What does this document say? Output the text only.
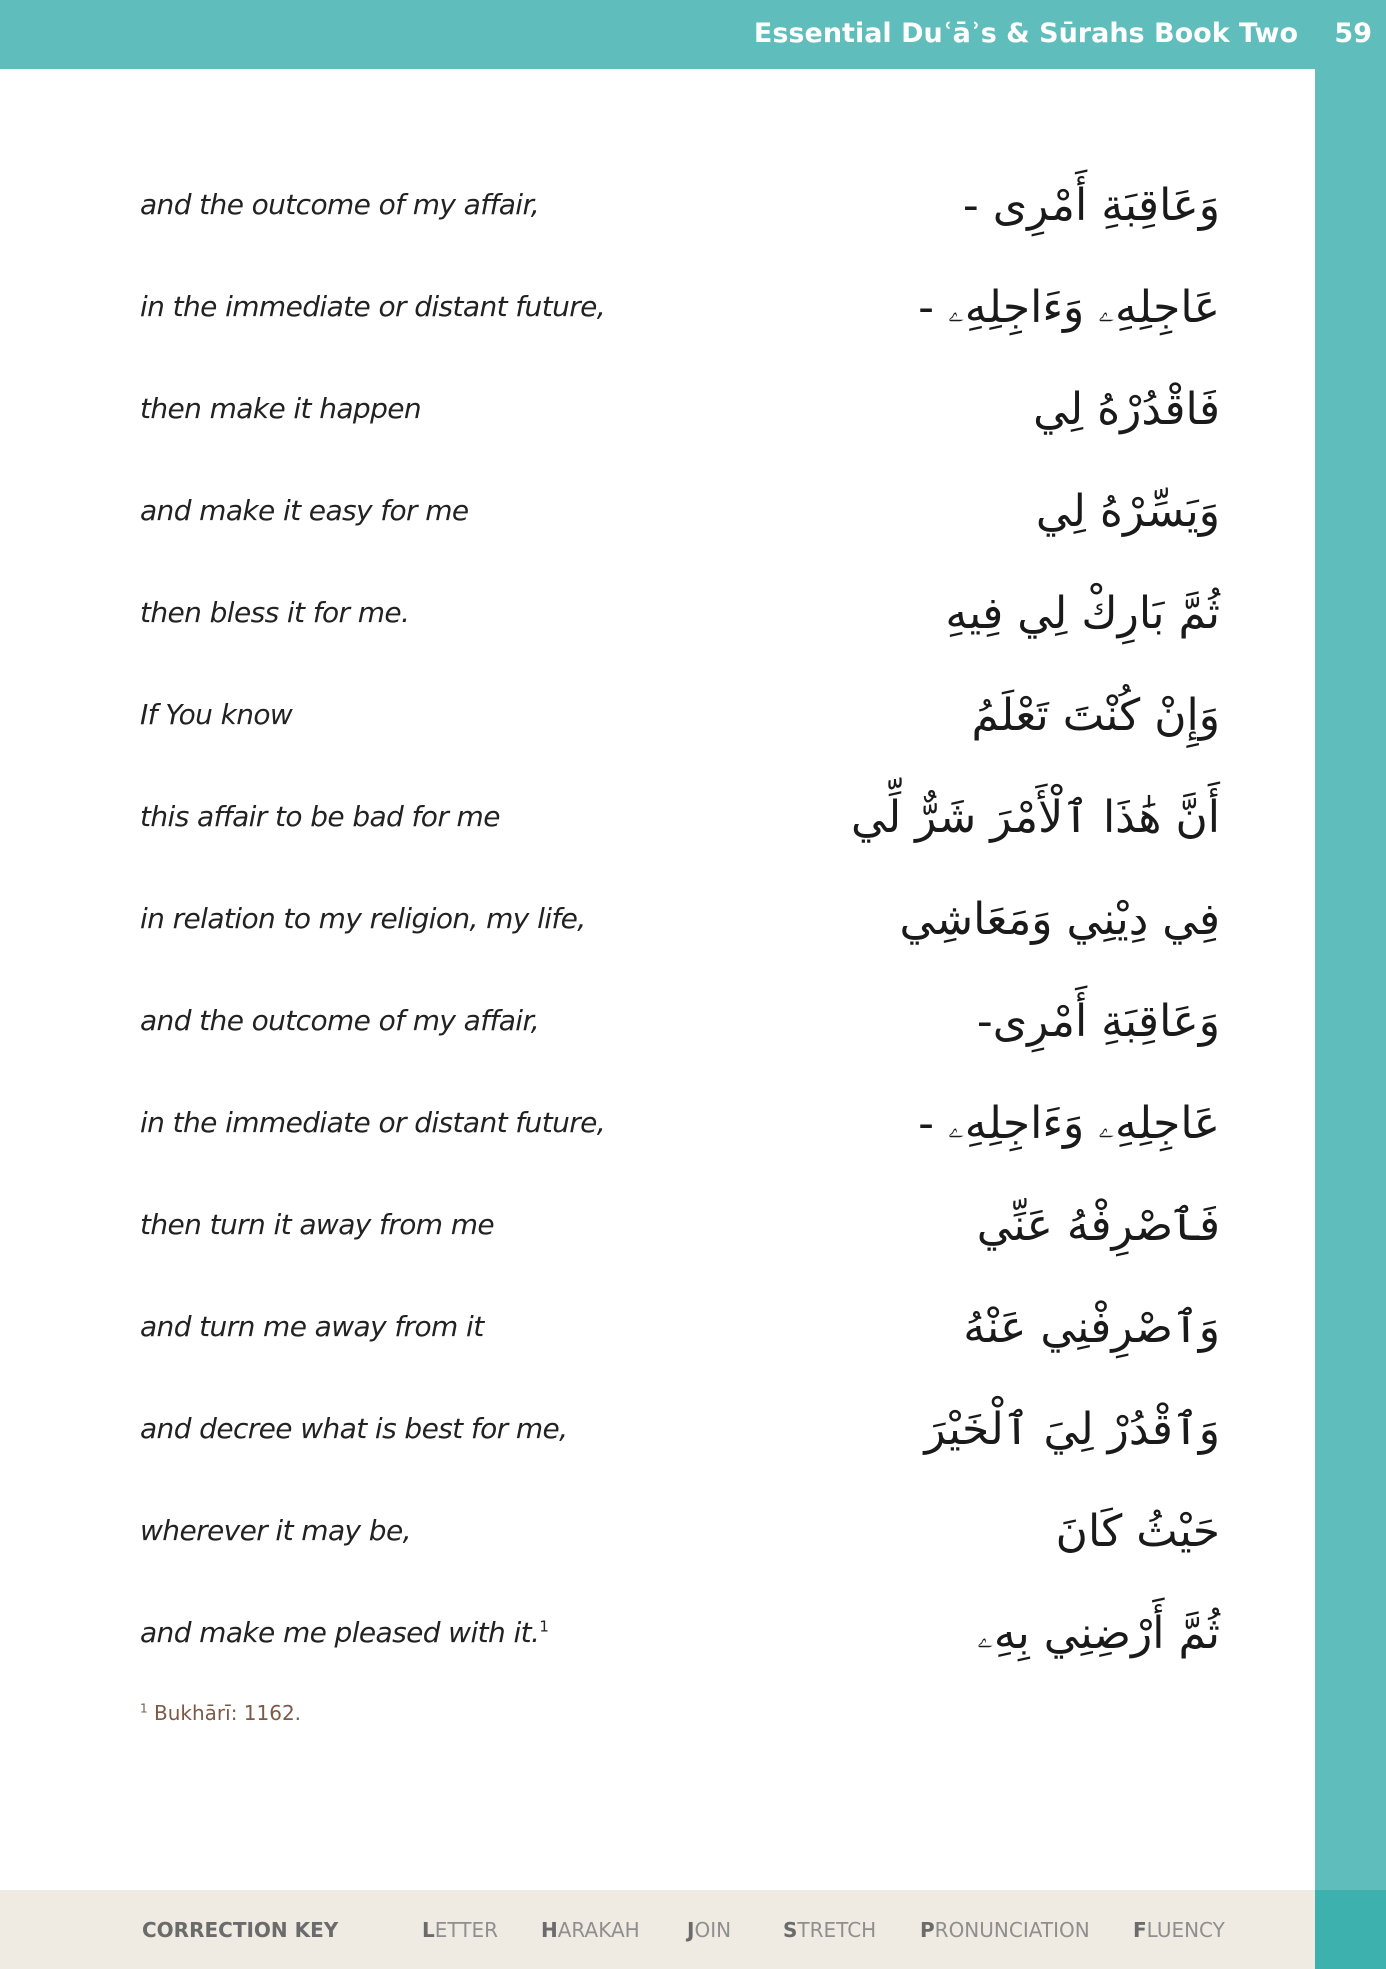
Essential Duʿāʾs & Sūrahs Book Two 59
and the outcome of my affair,	وَعَاقِبَةِ أَمْرِى -
in the immediate or distant future,	عَاجِلِهِۦ وَءَاجِلِهِۦ -
then make it happen	فَاقْدُرْهُ لِي
and make it easy for me	وَيَسِّرْهُ لِي
then bless it for me.	ثُمَّ بَارِكْ لِي فِيهِ
If You know	وَإِنْ كُنْتَ تَعْلَمُ
this affair to be bad for me	أَنَّ هَٰذَا ٱلْأَمْرَ شَرٌّ لِّي
in relation to my religion, my life,	فِي دِيْنِي وَمَعَاشِي
and the outcome of my affair,	وَعَاقِبَةِ أَمْرِى-
in the immediate or distant future,	عَاجِلِهِۦ وَءَاجِلِهِۦ -
then turn it away from me	فَٱصْرِفْهُ عَنِّي
and turn me away from it	وَٱصْرِفْنِي عَنْهُ
and decree what is best for me,	وَٱقْدُرْ لِيَ ٱلْخَيْرَ
wherever it may be,	حَيْثُ كَانَ
and make me pleased with it.$^1$	ثُمَّ أَرْضِنِي بِهِۦ
$^1$ Bukhārī: 1162.
CORRECTION KEY	LETTER HARAKAH JOIN	STRETCH PRONUNCIATION FLUENCY
